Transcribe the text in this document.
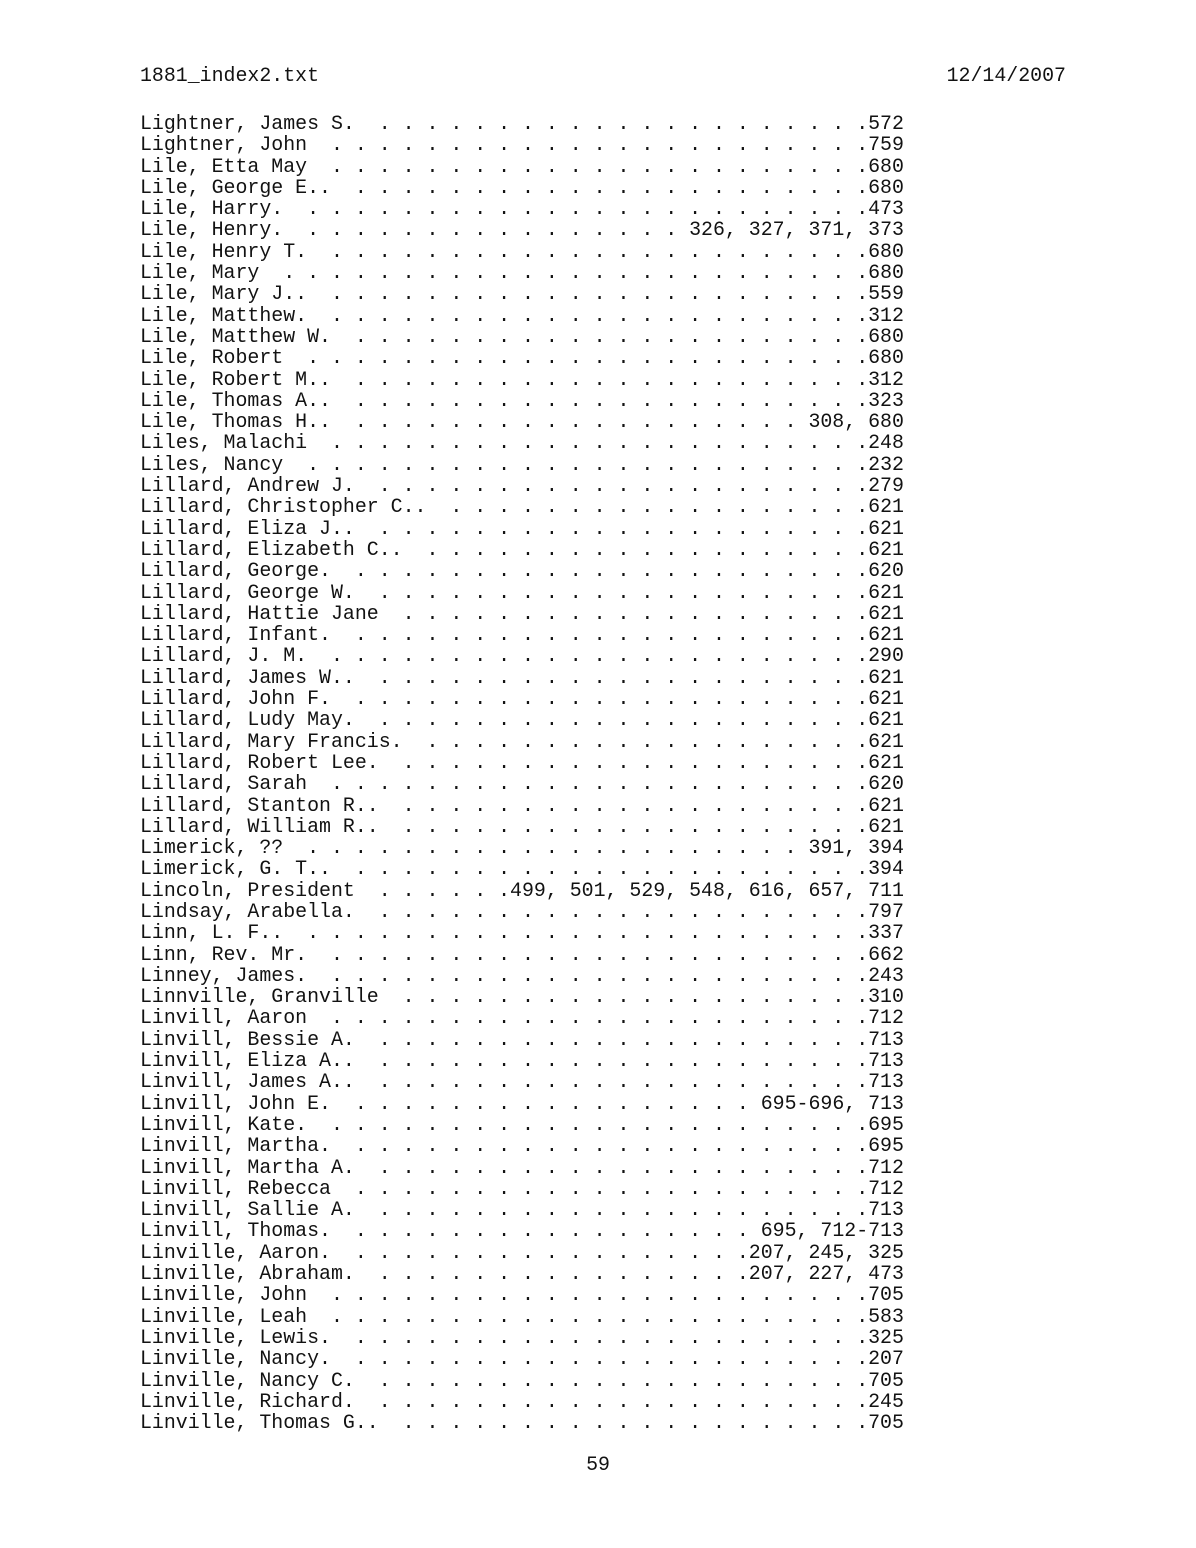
1881_index2.txt	12/14/2007
Lightner, James S.  . . . . . . . . . . . . . . . . . . . . .572
Lightner, John  . . . . . . . . . . . . . . . . . . . . . . .759
Lile, Etta May  . . . . . . . . . . . . . . . . . . . . . . .680
Lile, George E..  . . . . . . . . . . . . . . . . . . . . . .680
Lile, Harry.  . . . . . . . . . . . . . . . . . . . . . . . .473
Lile, Henry.  . . . . . . . . . . . . . . . . 326, 327, 371, 373
Lile, Henry T.  . . . . . . . . . . . . . . . . . . . . . . .680
Lile, Mary  . . . . . . . . . . . . . . . . . . . . . . . . .680
Lile, Mary J..  . . . . . . . . . . . . . . . . . . . . . . .559
Lile, Matthew.  . . . . . . . . . . . . . . . . . . . . . . .312
Lile, Matthew W.  . . . . . . . . . . . . . . . . . . . . . .680
Lile, Robert  . . . . . . . . . . . . . . . . . . . . . . . .680
Lile, Robert M..  . . . . . . . . . . . . . . . . . . . . . .312
Lile, Thomas A..  . . . . . . . . . . . . . . . . . . . . . .323
Lile, Thomas H..  . . . . . . . . . . . . . . . . . . . 308, 680
Liles, Malachi  . . . . . . . . . . . . . . . . . . . . . . .248
Liles, Nancy  . . . . . . . . . . . . . . . . . . . . . . . .232
Lillard, Andrew J.  . . . . . . . . . . . . . . . . . . . . .279
Lillard, Christopher C..  . . . . . . . . . . . . . . . . . .621
Lillard, Eliza J..  . . . . . . . . . . . . . . . . . . . . .621
Lillard, Elizabeth C..  . . . . . . . . . . . . . . . . . . .621
Lillard, George.  . . . . . . . . . . . . . . . . . . . . . .620
Lillard, George W.  . . . . . . . . . . . . . . . . . . . . .621
Lillard, Hattie Jane  . . . . . . . . . . . . . . . . . . . .621
Lillard, Infant.  . . . . . . . . . . . . . . . . . . . . . .621
Lillard, J. M.  . . . . . . . . . . . . . . . . . . . . . . .290
Lillard, James W..  . . . . . . . . . . . . . . . . . . . . .621
Lillard, John F.  . . . . . . . . . . . . . . . . . . . . . .621
Lillard, Ludy May.  . . . . . . . . . . . . . . . . . . . . .621
Lillard, Mary Francis.  . . . . . . . . . . . . . . . . . . .621
Lillard, Robert Lee.  . . . . . . . . . . . . . . . . . . . .621
Lillard, Sarah  . . . . . . . . . . . . . . . . . . . . . . .620
Lillard, Stanton R..  . . . . . . . . . . . . . . . . . . . .621
Lillard, William R..  . . . . . . . . . . . . . . . . . . . .621
Limerick, ??  . . . . . . . . . . . . . . . . . . . . . 391, 394
Limerick, G. T..  . . . . . . . . . . . . . . . . . . . . . .394
Lincoln, President  . . . . . .499, 501, 529, 548, 616, 657, 711
Lindsay, Arabella.  . . . . . . . . . . . . . . . . . . . . .797
Linn, L. F..  . . . . . . . . . . . . . . . . . . . . . . . .337
Linn, Rev. Mr.  . . . . . . . . . . . . . . . . . . . . . . .662
Linney, James.  . . . . . . . . . . . . . . . . . . . . . . .243
Linnville, Granville  . . . . . . . . . . . . . . . . . . . .310
Linvill, Aaron  . . . . . . . . . . . . . . . . . . . . . . .712
Linvill, Bessie A.  . . . . . . . . . . . . . . . . . . . . .713
Linvill, Eliza A..  . . . . . . . . . . . . . . . . . . . . .713
Linvill, James A..  . . . . . . . . . . . . . . . . . . . . .713
Linvill, John E.  . . . . . . . . . . . . . . . . . 695-696, 713
Linvill, Kate.  . . . . . . . . . . . . . . . . . . . . . . .695
Linvill, Martha.  . . . . . . . . . . . . . . . . . . . . . .695
Linvill, Martha A.  . . . . . . . . . . . . . . . . . . . . .712
Linvill, Rebecca  . . . . . . . . . . . . . . . . . . . . . .712
Linvill, Sallie A.  . . . . . . . . . . . . . . . . . . . . .713
Linvill, Thomas.  . . . . . . . . . . . . . . . . . 695, 712-713
Linville, Aaron.  . . . . . . . . . . . . . . . . .207, 245, 325
Linville, Abraham.  . . . . . . . . . . . . . . . .207, 227, 473
Linville, John  . . . . . . . . . . . . . . . . . . . . . . .705
Linville, Leah  . . . . . . . . . . . . . . . . . . . . . . .583
Linville, Lewis.  . . . . . . . . . . . . . . . . . . . . . .325
Linville, Nancy.  . . . . . . . . . . . . . . . . . . . . . .207
Linville, Nancy C.  . . . . . . . . . . . . . . . . . . . . .705
Linville, Richard.  . . . . . . . . . . . . . . . . . . . . .245
Linville, Thomas G..  . . . . . . . . . . . . . . . . . . . .705
59
